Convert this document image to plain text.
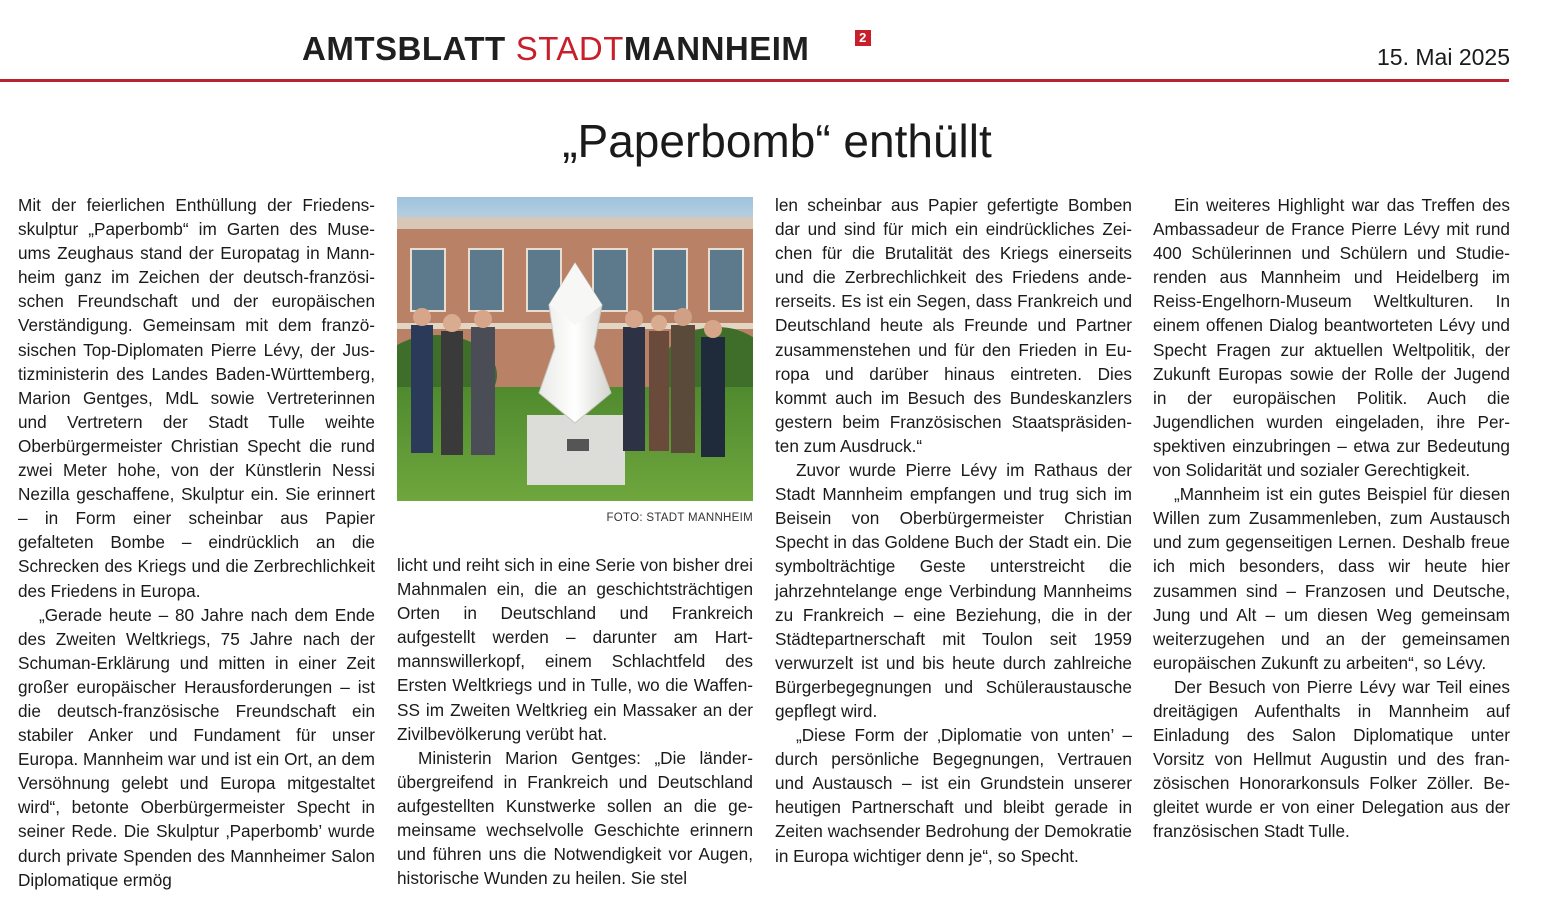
AMTSBLATT STADTMANNHEIM	2
15. Mai 2025
„Paperbomb“ enthüllt

Mit der feierlichen Enthüllung der Friedensskulptur „Paperbomb“ im Garten des Museums Zeughaus stand der Europatag in Mannheim ganz im Zeichen der deutsch-französischen Freundschaft und der europäischen Verständigung. Gemeinsam mit dem französischen Top-Diplomaten Pierre Lévy, der Justizministerin des Landes Baden-Württemberg, Marion Gentges, MdL sowie Vertreterinnen und Vertretern der Stadt Tulle weihte Oberbürgermeister Christian Specht die rund zwei Meter hohe, von der Künstlerin Nessi Nezilla geschaffene, Skulptur ein. Sie erinnert – in Form einer scheinbar aus Papier gefalteten Bombe – eindrücklich an die Schrecken des Kriegs und die Zerbrechlichkeit des Friedens in Europa.

„Gerade heute – 80 Jahre nach dem Ende des Zweiten Weltkriegs, 75 Jahre nach der Schuman-Erklärung und mitten in einer Zeit großer europäischer Herausforderungen – ist die deutsch-französische Freundschaft ein stabiler Anker und Fundament für unser Europa. Mannheim war und ist ein Ort, an dem Versöhnung gelebt und Europa mitgestaltet wird“, betonte Oberbürgermeister Specht in seiner Rede. Die Skulptur ‚Paperbomb’ wurde durch private Spenden des Mannheimer Salon Diplomatique ermög

FOTO: STADT MANNHEIM

licht und reiht sich in eine Serie von bisher drei Mahnmalen ein, die an geschichtsträchtigen Orten in Deutschland und Frankreich aufgestellt werden – darunter am Hartmannswillerkopf, einem Schlachtfeld des Ersten Weltkriegs und in Tulle, wo die Waffen-SS im Zweiten Weltkrieg ein Massaker an der Zivilbevölkerung verübt hat.

Ministerin Marion Gentges: „Die länderübergreifend in Frankreich und Deutschland aufgestellten Kunstwerke sollen an die gemeinsame wechselvolle Geschichte erinnern und führen uns die Notwendigkeit vor Augen, historische Wunden zu heilen. Sie stel

len scheinbar aus Papier gefertigte Bomben dar und sind für mich ein eindrückliches Zeichen für die Brutalität des Kriegs einerseits und die Zerbrechlichkeit des Friedens andererseits. Es ist ein Segen, dass Frankreich und Deutschland heute als Freunde und Partner zusammenstehen und für den Frieden in Europa und darüber hinaus eintreten. Dies kommt auch im Besuch des Bundeskanzlers gestern beim Französischen Staatspräsidenten zum Ausdruck.“

Zuvor wurde Pierre Lévy im Rathaus der Stadt Mannheim empfangen und trug sich im Beisein von Oberbürgermeister Christian Specht in das Goldene Buch der Stadt ein. Die symbolträchtige Geste unterstreicht die jahrzehntelange enge Verbindung Mannheims zu Frankreich – eine Beziehung, die in der Städtepartnerschaft mit Toulon seit 1959 verwurzelt ist und bis heute durch zahlreiche Bürgerbegegnungen und Schüleraustausche gepflegt wird.

„Diese Form der ‚Diplomatie von unten’ – durch persönliche Begegnungen, Vertrauen und Austausch – ist ein Grundstein unserer heutigen Partnerschaft und bleibt gerade in Zeiten wachsender Bedrohung der Demokratie in Europa wichtiger denn je“, so Specht.

Ein weiteres Highlight war das Treffen des Ambassadeur de France Pierre Lévy mit rund 400 Schülerinnen und Schülern und Studierenden aus Mannheim und Heidelberg im Reiss-Engelhorn-Museum Weltkulturen. In einem offenen Dialog beantworteten Lévy und Specht Fragen zur aktuellen Weltpolitik, der Zukunft Europas sowie der Rolle der Jugend in der europäischen Politik. Auch die Jugendlichen wurden eingeladen, ihre Perspektiven einzubringen – etwa zur Bedeutung von Solidarität und sozialer Gerechtigkeit.

„Mannheim ist ein gutes Beispiel für diesen Willen zum Zusammenleben, zum Austausch und zum gegenseitigen Lernen. Deshalb freue ich mich besonders, dass wir heute hier zusammen sind – Franzosen und Deutsche, Jung und Alt – um diesen Weg gemeinsam weiterzugehen und an der gemeinsamen europäischen Zukunft zu arbeiten“, so Lévy.

Der Besuch von Pierre Lévy war Teil eines dreitägigen Aufenthalts in Mannheim auf Einladung des Salon Diplomatique unter Vorsitz von Hellmut Augustin und des französischen Honorarkonsuls Folker Zöller. Begleitet wurde er von einer Delegation aus der französischen Stadt Tulle.
